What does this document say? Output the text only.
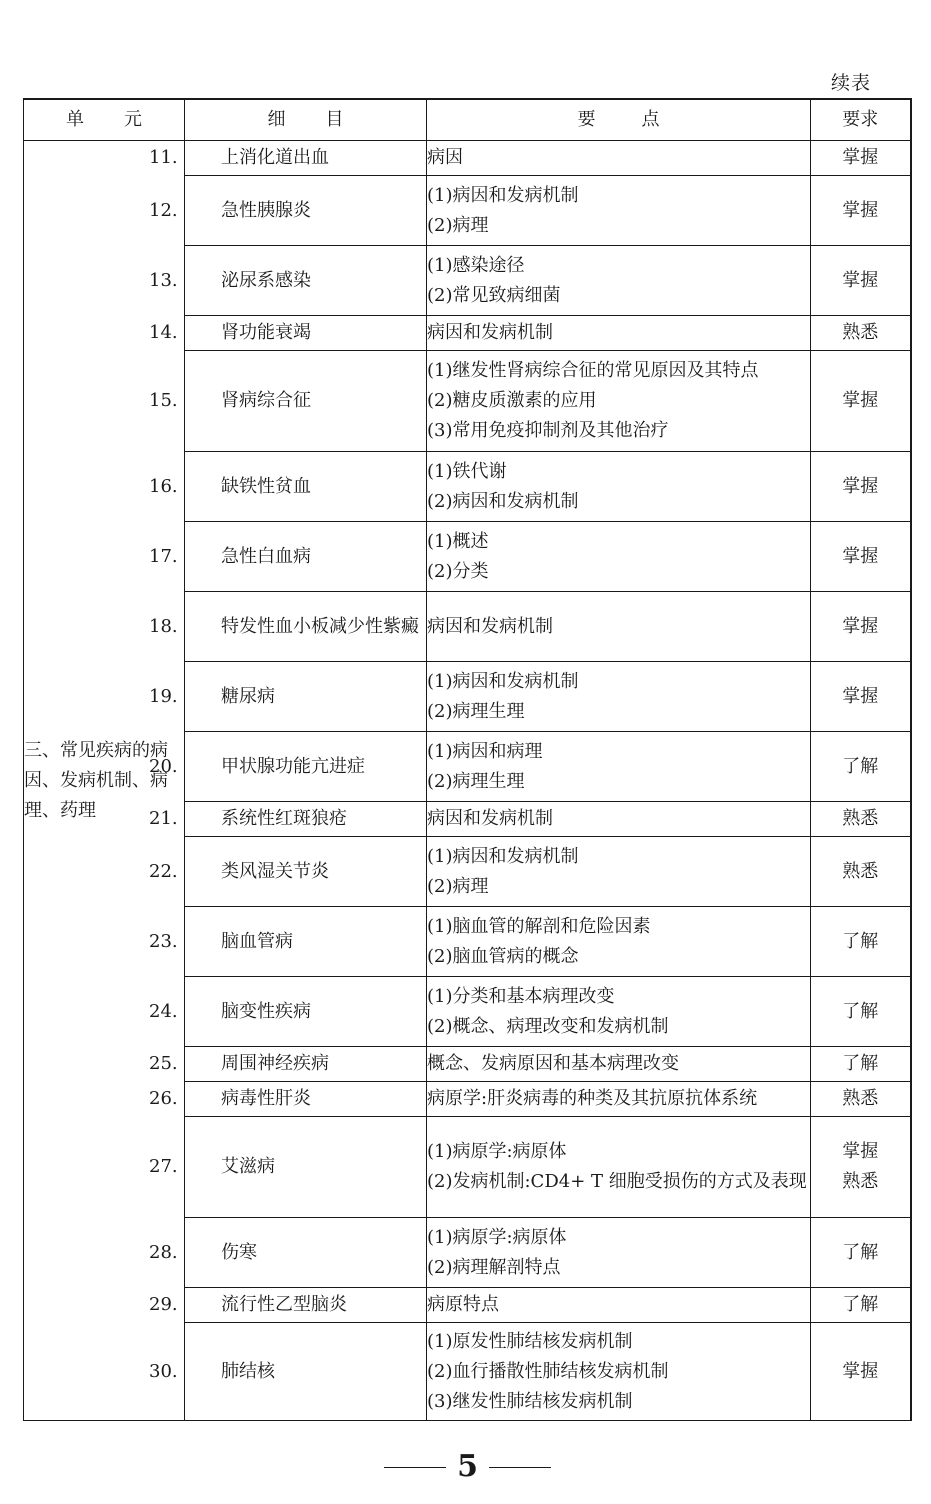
续表
单元	细目	要点	要求
三、常见疾病的病因、发病机制、病理、药理	11. 上消化道出血	病因	掌握

	12. 急性胰腺炎	(1)病因和发病机制
(2)病理	掌握

	13. 泌尿系感染	(1)感染途径
(2)常见致病细菌	掌握

	14. 肾功能衰竭	病因和发病机制	熟悉

	15. 肾病综合征	(1)继发性肾病综合征的常见原因及其特点
(2)糖皮质激素的应用
(3)常用免疫抑制剂及其他治疗	掌握

	16. 缺铁性贫血	(1)铁代谢
(2)病因和发病机制	掌握

	17. 急性白血病	(1)概述
(2)分类	掌握

	18. 特发性血小板减少性紫癜	病因和发病机制	掌握

	19. 糖尿病	(1)病因和发病机制
(2)病理生理	掌握

	20. 甲状腺功能亢进症	(1)病因和病理
(2)病理生理	了解

	21. 系统性红斑狼疮	病因和发病机制	熟悉

	22. 类风湿关节炎	(1)病因和发病机制
(2)病理	熟悉

	23. 脑血管病	(1)脑血管的解剖和危险因素
(2)脑血管病的概念	了解

	24. 脑变性疾病	(1)分类和基本病理改变
(2)概念、病理改变和发病机制	了解

	25. 周围神经疾病	概念、发病原因和基本病理改变	了解

	26. 病毒性肝炎	病原学:肝炎病毒的种类及其抗原抗体系统	熟悉

	27. 艾滋病	(1)病原学:病原体
(2)发病机制:CD4+ T 细胞受损伤的方式及表现	掌握
熟悉

	28. 伤寒	(1)病原学:病原体
(2)病理解剖特点	了解

	29. 流行性乙型脑炎	病原特点	了解

	30. 肺结核	(1)原发性肺结核发病机制
(2)血行播散性肺结核发病机制
(3)继发性肺结核发病机制	掌握
5
